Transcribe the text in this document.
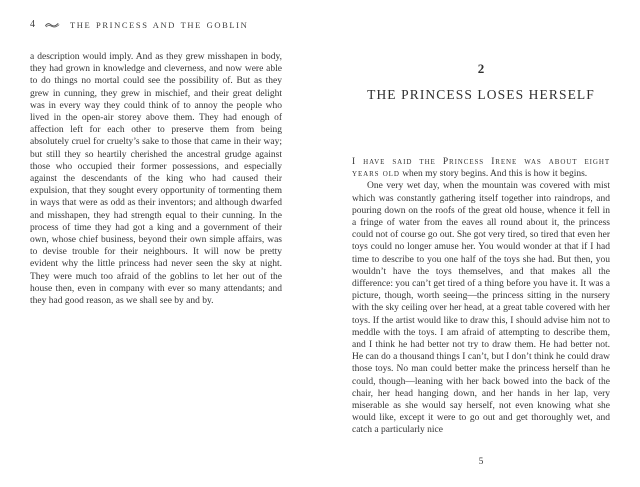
4	THE PRINCESS AND THE GOBLIN

a description would imply. And as they grew misshapen in body, they had grown in knowledge and cleverness, and now were able to do things no mortal could see the possibility of. But as they grew in cunning, they grew in mischief, and their great delight was in every way they could think of to annoy the people who lived in the open-air storey above them. They had enough of affection left for each other to preserve them from being absolutely cruel for cruelty’s sake to those that came in their way; but still they so heartily cherished the ancestral grudge against those who occupied their former possessions, and especially against the descendants of the king who had caused their expulsion, that they sought every opportunity of tormenting them in ways that were as odd as their inventors; and although dwarfed and misshapen, they had strength equal to their cunning. In the process of time they had got a king and a government of their own, whose chief business, beyond their own simple affairs, was to devise trouble for their neighbours. It will now be pretty evident why the little princess had never seen the sky at night. They were much too afraid of the goblins to let her out of the house then, even in company with ever so many attendants; and they had good reason, as we shall see by and by.

2
THE PRINCESS LOSES HERSELF

I have said the Princess Irene was about eight years old when my story begins. And this is how it begins.

One very wet day, when the mountain was covered with mist which was constantly gathering itself together into raindrops, and pouring down on the roofs of the great old house, whence it fell in a fringe of water from the eaves all round about it, the princess could not of course go out. She got very tired, so tired that even her toys could no longer amuse her. You would wonder at that if I had time to describe to you one half of the toys she had. But then, you wouldn’t have the toys themselves, and that makes all the difference: you can’t get tired of a thing before you have it. It was a picture, though, worth seeing—the princess sitting in the nursery with the sky ceiling over her head, at a great table covered with her toys. If the artist would like to draw this, I should advise him not to meddle with the toys. I am afraid of attempting to describe them, and I think he had better not try to draw them. He had better not. He can do a thousand things I can’t, but I don’t think he could draw those toys. No man could better make the princess herself than he could, though—leaning with her back bowed into the back of the chair, her head hanging down, and her hands in her lap, very miserable as she would say herself, not even knowing what she would like, except it were to go out and get thoroughly wet, and catch a particularly nice

5
